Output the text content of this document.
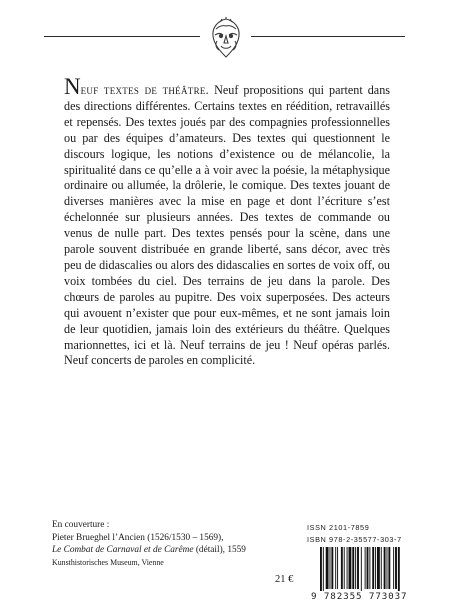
Neuf textes de théâtre. Neuf propositions qui partent dans des directions différentes. Certains textes en réédition, retravaillés et repensés. Des textes joués par des compagnies professionnelles ou par des équipes d’amateurs. Des textes qui questionnent le discours logique, les notions d’existence ou de mélancolie, la spiritualité dans ce qu’elle a à voir avec la poésie, la métaphysique ordinaire ou allumée, la drôlerie, le comique. Des textes jouant de diverses manières avec la mise en page et dont l’écriture s’est échelonnée sur plusieurs années. Des textes de commande ou venus de nulle part. Des textes pensés pour la scène, dans une parole souvent distribuée en grande liberté, sans décor, avec très peu de didascalies ou alors des didascalies en sortes de voix off, ou voix tombées du ciel. Des terrains de jeu dans la parole. Des chœurs de paroles au pupitre. Des voix superposées. Des acteurs qui avouent n’exister que pour eux-mêmes, et ne sont jamais loin de leur quotidien, jamais loin des extérieurs du théâtre. Quelques marionnettes, ici et là. Neuf terrains de jeu ! Neuf opéras parlés. Neuf concerts de paroles en complicité.
En couverture :
Pieter Brueghel l’Ancien (1526/1530 – 1569),
Le Combat de Carnaval et de Carême (détail), 1559
Kunsthistorisches Museum, Vienne
ISSN 2101-7859
ISBN 978-2-35577-303-7
21 €
9 782355 773037
